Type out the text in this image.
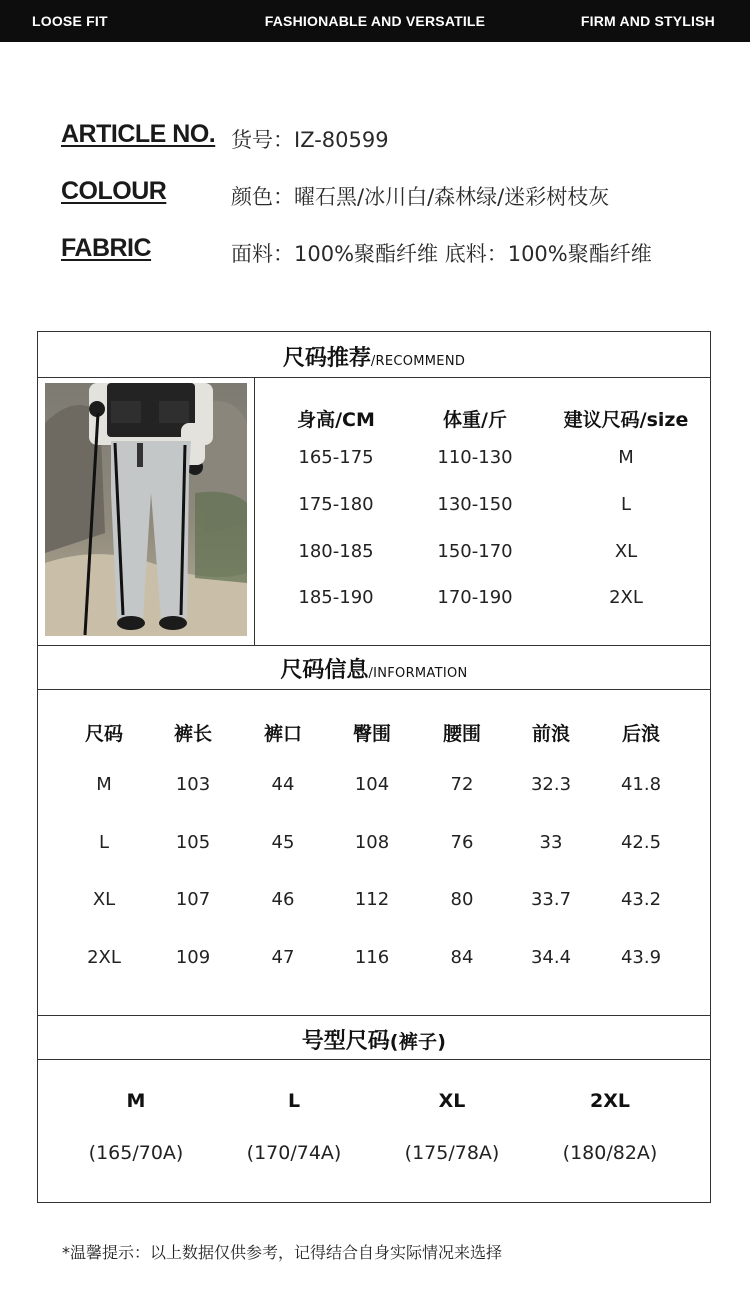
LOOSE FIT	FASHIONABLE AND VERSATILE	FIRM AND STYLISH
ARTICLE NO. 货号：IZ-80599
COLOUR	颜色：曜石黑/冰川白/森林绿/迷彩树枝灰
FABRIC	面料：100%聚酯纤维 底料：100%聚酯纤维
尺码推荐/RECOMMEND
尺码信息/INFORMATION
号型尺码(裤子)
身高/CM	体重/斤	建议尺码/size
165-175	110-130	M
175-180	130-150	L
180-185	150-170	XL
185-190	170-190	2XL
尺码	裤长	裤口	臀围	腰围	前浪	后浪
M	103	44	104	72	32.3	41.8
L	105	45	108	76	33	42.5
XL	107	46	112	80	33.7	43.2
2XL	109	47	116	84	34.4	43.9
M	L	XL	2XL
(165/70A)	(170/74A)	(175/78A)	(180/82A)
*温馨提示：以上数据仅供参考，记得结合自身实际情况来选择
